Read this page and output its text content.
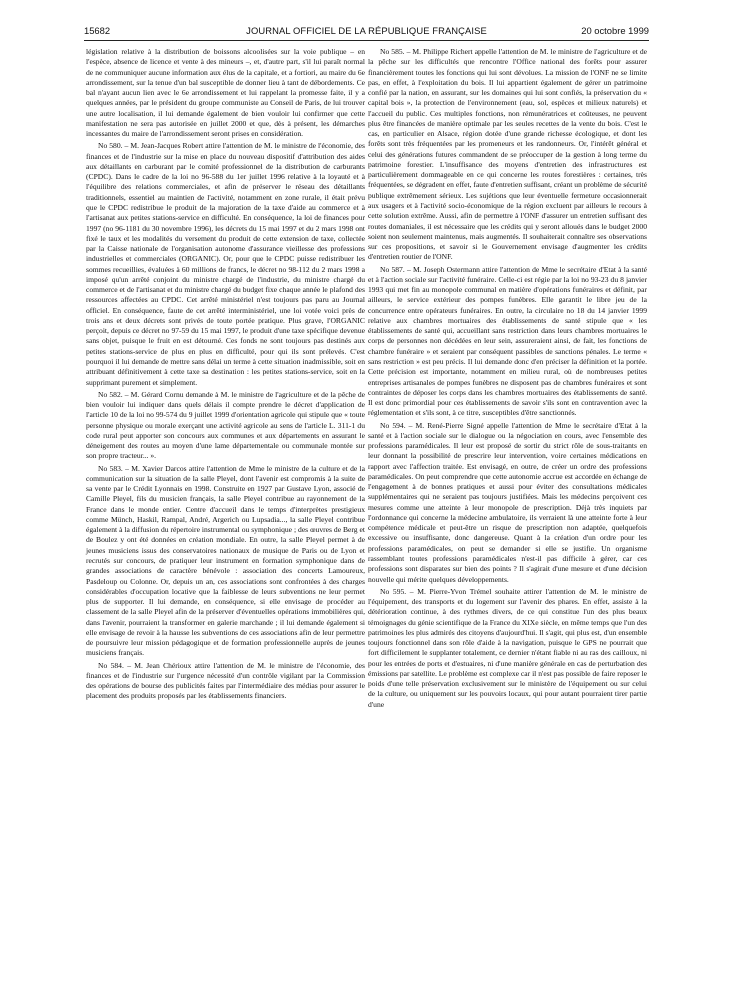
15682	JOURNAL OFFICIEL DE LA RÉPUBLIQUE FRANÇAISE	20 octobre 1999

législation relative à la distribution de boissons alcoolisées sur la voie publique – en l'espèce, absence de licence et vente à des mineurs –, et, d'autre part, s'il lui paraît normal de ne communiquer aucune information aux élus de la capitale, et a fortiori, au maire du 6e arrondissement, sur la tenue d'un bal susceptible de donner lieu à tant de débordements. Ce bal n'ayant aucun lien avec le 6e arrondissement et lui rappelant la promesse faite, il y a quelques années, par le président du groupe communiste au Conseil de Paris, de lui trouver une autre localisation, il lui demande également de bien vouloir lui confirmer que cette manifestation ne sera pas autorisée en juillet 2000 et que, dès à présent, les démarches incessantes du maire de l'arrondissement seront prises en considération.

No 580. – M. Jean-Jacques Robert attire l'attention de M. le ministre de l'économie, des finances et de l'industrie sur la mise en place du nouveau dispositif d'attribution des aides aux détaillants en carburant par le comité professionnel de la distribution de carburants (CPDC). Dans le cadre de la loi no 96-588 du 1er juillet 1996 relative à la loyauté et à l'équilibre des relations commerciales, et afin de préserver le réseau des détaillants traditionnels, essentiel au maintien de l'activité, notamment en zone rurale, il était prévu que le CPDC redistribue le produit de la majoration de la taxe d'aide au commerce et à l'artisanat aux petites stations-service en difficulté. En conséquence, la loi de finances pour 1997 (no 96-1181 du 30 novembre 1996), les décrets du 15 mai 1997 et du 2 mars 1998 ont fixé le taux et les modalités du versement du produit de cette extension de taxe, collectée par la Caisse nationale de l'organisation autonome d'assurance vieillesse des professions industrielles et commerciales (ORGANIC). Or, pour que le CPDC puisse redistribuer les sommes recueillies, évaluées à 60 millions de francs, le décret no 98-112 du 2 mars 1998 a imposé qu'un arrêté conjoint du ministre chargé de l'industrie, du ministre chargé du commerce et de l'artisanat et du ministre chargé du budget fixe chaque année le plafond des ressources affectées au CPDC. Cet arrêté ministériel n'est toujours pas paru au Journal officiel. En conséquence, faute de cet arrêté interministériel, une loi votée voici près de trois ans et deux décrets sont privés de toute portée pratique. Plus grave, l'ORGANIC perçoit, depuis ce décret no 97-59 du 15 mai 1997, le produit d'une taxe spécifique devenue sans objet, puisque le fruit en est détourné. Ces fonds ne sont toujours pas destinés aux petites stations-service de plus en plus en difficulté, pour qui ils sont prélevés. C'est pourquoi il lui demande de mettre sans délai un terme à cette situation inadmissible, soit en attribuant définitivement à cette taxe sa destination : les petites stations-service, soit en la supprimant purement et simplement.

No 582. – M. Gérard Cornu demande à M. le ministre de l'agriculture et de la pêche de bien vouloir lui indiquer dans quels délais il compte prendre le décret d'application de l'article 10 de la loi no 99-574 du 9 juillet 1999 d'orientation agricole qui stipule que « toute personne physique ou morale exerçant une activité agricole au sens de l'article L. 311-1 du code rural peut apporter son concours aux communes et aux départements en assurant le déneigement des routes au moyen d'une lame départementale ou communale montée sur son propre tracteur... ».

No 583. – M. Xavier Darcos attire l'attention de Mme le ministre de la culture et de la communication sur la situation de la salle Pleyel, dont l'avenir est compromis à la suite de sa vente par le Crédit Lyonnais en 1998. Construite en 1927 par Gustave Lyon, associé de Camille Pleyel, fils du musicien français, la salle Pleyel contribue au rayonnement de la France dans le monde entier. Centre d'accueil dans le temps d'interprètes prestigieux comme Münch, Haskil, Rampal, André, Argerich ou Lupsadia..., la salle Pleyel contribue également à la diffusion du répertoire instrumental ou symphonique ; des œuvres de Berg et de Boulez y ont été données en création mondiale. En outre, la salle Pleyel permet à de jeunes musiciens issus des conservatoires nationaux de musique de Paris ou de Lyon et recrutés sur concours, de pratiquer leur instrument en formation symphonique dans de grandes associations de caractère bénévole : association des concerts Lamoureux, Pasdeloup ou Colonne. Or, depuis un an, ces associations sont confrontées à des charges considérables d'occupation locative que la faiblesse de leurs subventions ne leur permet plus de supporter. Il lui demande, en conséquence, si elle envisage de procéder au classement de la salle Pleyel afin de la préserver d'éventuelles opérations immobilières qui, dans l'avenir, pourraient la transformer en galerie marchande ; il lui demande également si elle envisage de revoir à la hausse les subventions de ces associations afin de leur permettre de poursuivre leur mission pédagogique et de formation professionnelle auprès de jeunes musiciens français.

No 584. – M. Jean Chérioux attire l'attention de M. le ministre de l'économie, des finances et de l'industrie sur l'urgence nécessité d'un contrôle vigilant par la Commission des opérations de bourse des publicités faites par l'intermédiaire des médias pour assurer le placement des produits proposés par les établissements financiers.

No 585. – M. Philippe Richert appelle l'attention de M. le ministre de l'agriculture et de la pêche sur les difficultés que rencontre l'Office national des forêts pour assurer financièrement toutes les fonctions qui lui sont dévolues. La mission de l'ONF ne se limite pas, en effet, à l'exploitation du bois. Il lui appartient également de gérer un patrimoine confié par la nation, en assurant, sur les domaines qui lui sont confiés, la préservation du « capital bois », la protection de l'environnement (eau, sol, espèces et milieux naturels) et l'accueil du public. Ces multiples fonctions, non rémunératrices et coûteuses, ne peuvent plus être financées de manière optimale par les seules recettes de la vente du bois. C'est le cas, en particulier en Alsace, région dotée d'une grande richesse écologique, et dont les forêts sont très fréquentées par les promeneurs et les randonneurs. Or, l'intérêt général et celui des générations futures commandent de se préoccuper de la gestion à long terme du patrimoine forestier. L'insuffisance des moyens d'entretien des infrastructures est particulièrement dommageable en ce qui concerne les routes forestières : certaines, très fréquentées, se dégradent en effet, faute d'entretien suffisant, créant un problème de sécurité publique extrêmement sérieux. Les sujétions que leur éventuelle fermeture occasionnerait aux usagers et à l'activité socio-économique de la région excluent par ailleurs le recours à cette solution extrême. Aussi, afin de permettre à l'ONF d'assurer un entretien suffisant des routes domaniales, il est nécessaire que les crédits qui y seront alloués dans le budget 2000 soient non seulement maintenus, mais augmentés. Il souhaiterait connaître ses observations sur ces propositions, et savoir si le Gouvernement envisage d'augmenter les crédits d'entretien routier de l'ONF.

No 587. – M. Joseph Ostermann attire l'attention de Mme le secrétaire d'Etat à la santé et à l'action sociale sur l'activité funéraire. Celle-ci est régie par la loi no 93-23 du 8 janvier 1993 qui met fin au monopole communal en matière d'opérations funéraires et définit, par ailleurs, le service extérieur des pompes funèbres. Elle garantit le libre jeu de la concurrence entre opérateurs funéraires. En outre, la circulaire no 18 du 14 janvier 1999 relative aux chambres mortuaires des établissements de santé stipule que « les établissements de santé qui, accueillant sans restriction dans leurs chambres mortuaires le corps de personnes non décédées en leur sein, assureraient ainsi, de fait, les fonctions de chambre funéraire » et seraient par conséquent passibles de sanctions pénales. Le terme « sans restriction » est peu précis. Il lui demande donc d'en préciser la définition et la portée. Cette précision est importante, notamment en milieu rural, où de nombreuses petites entreprises artisanales de pompes funèbres ne disposent pas de chambres funéraires et sont contraintes de déposer les corps dans les chambres mortuaires des établissements de santé. Il est donc primordial pour ces établissements de savoir s'ils sont en contravention avec la réglementation et s'ils sont, à ce titre, susceptibles d'être sanctionnés.

No 594. – M. René-Pierre Signé appelle l'attention de Mme le secrétaire d'Etat à la santé et à l'action sociale sur le dialogue ou la négociation en cours, avec l'ensemble des professions paramédicales. Il leur est proposé de sortir du strict rôle de sous-traitants en leur donnant la possibilité de prescrire leur intervention, voire certaines médications en rapport avec l'affection traitée. Est envisagé, en outre, de créer un ordre des professions paramédicales. On peut comprendre que cette autonomie accrue est accordée en échange de l'engagement à de bonnes pratiques et aussi pour éviter des consultations médicales supplémentaires qui ne seraient pas toujours justifiées. Mais les médecins perçoivent ces mesures comme une atteinte à leur monopole de prescription. Déjà très inquiets par l'ordonnance qui concerne la médecine ambulatoire, ils verraient là une atteinte forte à leur compétence médicale et peut-être un risque de prescription non adaptée, quelquefois excessive ou insuffisante, donc dangereuse. Quant à la création d'un ordre pour les professions paramédicales, on peut se demander si elle se justifie. Un organisme rassemblant toutes professions paramédicales n'est-il pas difficile à gérer, car ces professions sont disparates sur bien des points ? Il s'agirait d'une mesure et d'une décision nouvelle qui mérite quelques développements.

No 595. – M. Pierre-Yvon Trémel souhaite attirer l'attention de M. le ministre de l'équipement, des transports et du logement sur l'avenir des phares. En effet, assiste à la détérioration continue, à des rythmes divers, de ce qui constitue l'un des plus beaux témoignages du génie scientifique de la France du XIXe siècle, en même temps que l'un des patrimoines les plus admirés des citoyens d'aujourd'hui. Il s'agit, qui plus est, d'un ensemble toujours fonctionnel dans son rôle d'aide à la navigation, puisque le GPS ne pourrait que fort difficilement le supplanter totalement, ce dernier n'étant fiable ni au ras des cailloux, ni pour les entrées de ports et d'estuaires, ni d'une manière générale en cas de perturbation des émissions par satellite. Le problème est complexe car il n'est pas possible de faire reposer le poids d'une telle préservation exclusivement sur le ministère de l'équipement ou sur celui de la culture, ou uniquement sur les pouvoirs locaux, qui pour autant pourraient tirer partie d'une
